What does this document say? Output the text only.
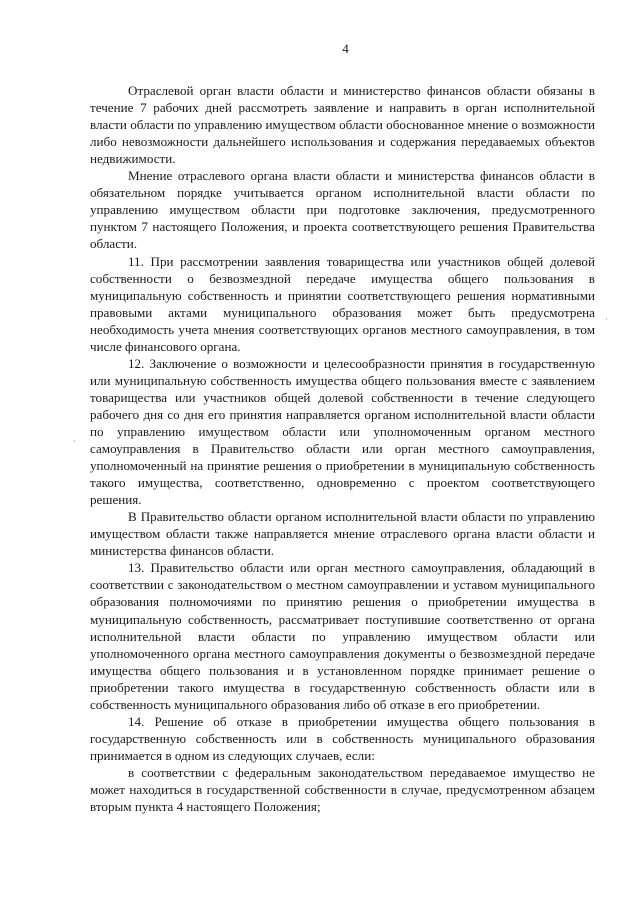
4

Отраслевой орган власти области и министерство финансов области обязаны в течение 7 рабочих дней рассмотреть заявление и направить в орган исполнительной власти области по управлению имуществом области обоснованное мнение о возможности либо невозможности дальнейшего использования и содержания передаваемых объектов недвижимости.

Мнение отраслевого органа власти области и министерства финансов области в обязательном порядке учитывается органом исполнительной власти области по управлению имуществом области при подготовке заключения, предусмотренного пунктом 7 настоящего Положения, и проекта соответствующего решения Правительства области.

11. При рассмотрении заявления товарищества или участников общей долевой собственности о безвозмездной передаче имущества общего пользования в муниципальную собственность и принятии соответствующего решения нормативными правовыми актами муниципального образования может быть предусмотрена необходимость учета мнения соответствующих органов местного самоуправления, в том числе финансового органа.

12. Заключение о возможности и целесообразности принятия в государственную или муниципальную собственность имущества общего пользования вместе с заявлением товарищества или участников общей долевой собственности в течение следующего рабочего дня со дня его принятия направляется органом исполнительной власти области по управлению имуществом области или уполномоченным органом местного самоуправления в Правительство области или орган местного самоуправления, уполномоченный на принятие решения о приобретении в муниципальную собственность такого имущества, соответственно, одновременно с проектом соответствующего решения.

В Правительство области органом исполнительной власти области по управлению имуществом области также направляется мнение отраслевого органа власти области и министерства финансов области.

13. Правительство области или орган местного самоуправления, обладающий в соответствии с законодательством о местном самоуправлении и уставом муниципального образования полномочиями по принятию решения о приобретении имущества в муниципальную собственность, рассматривает поступившие соответственно от органа исполнительной власти области по управлению имуществом области или уполномоченного органа местного самоуправления документы о безвозмездной передаче имущества общего пользования и в установленном порядке принимает решение о приобретении такого имущества в государственную собственность области или в собственность муниципального образования либо об отказе в его приобретении.

14. Решение об отказе в приобретении имущества общего пользования в государственную собственность или в собственность муниципального образования принимается в одном из следующих случаев, если:

в соответствии с федеральным законодательством передаваемое имущество не может находиться в государственной собственности в случае, предусмотренном абзацем вторым пункта 4 настоящего Положения;

˙
˙
